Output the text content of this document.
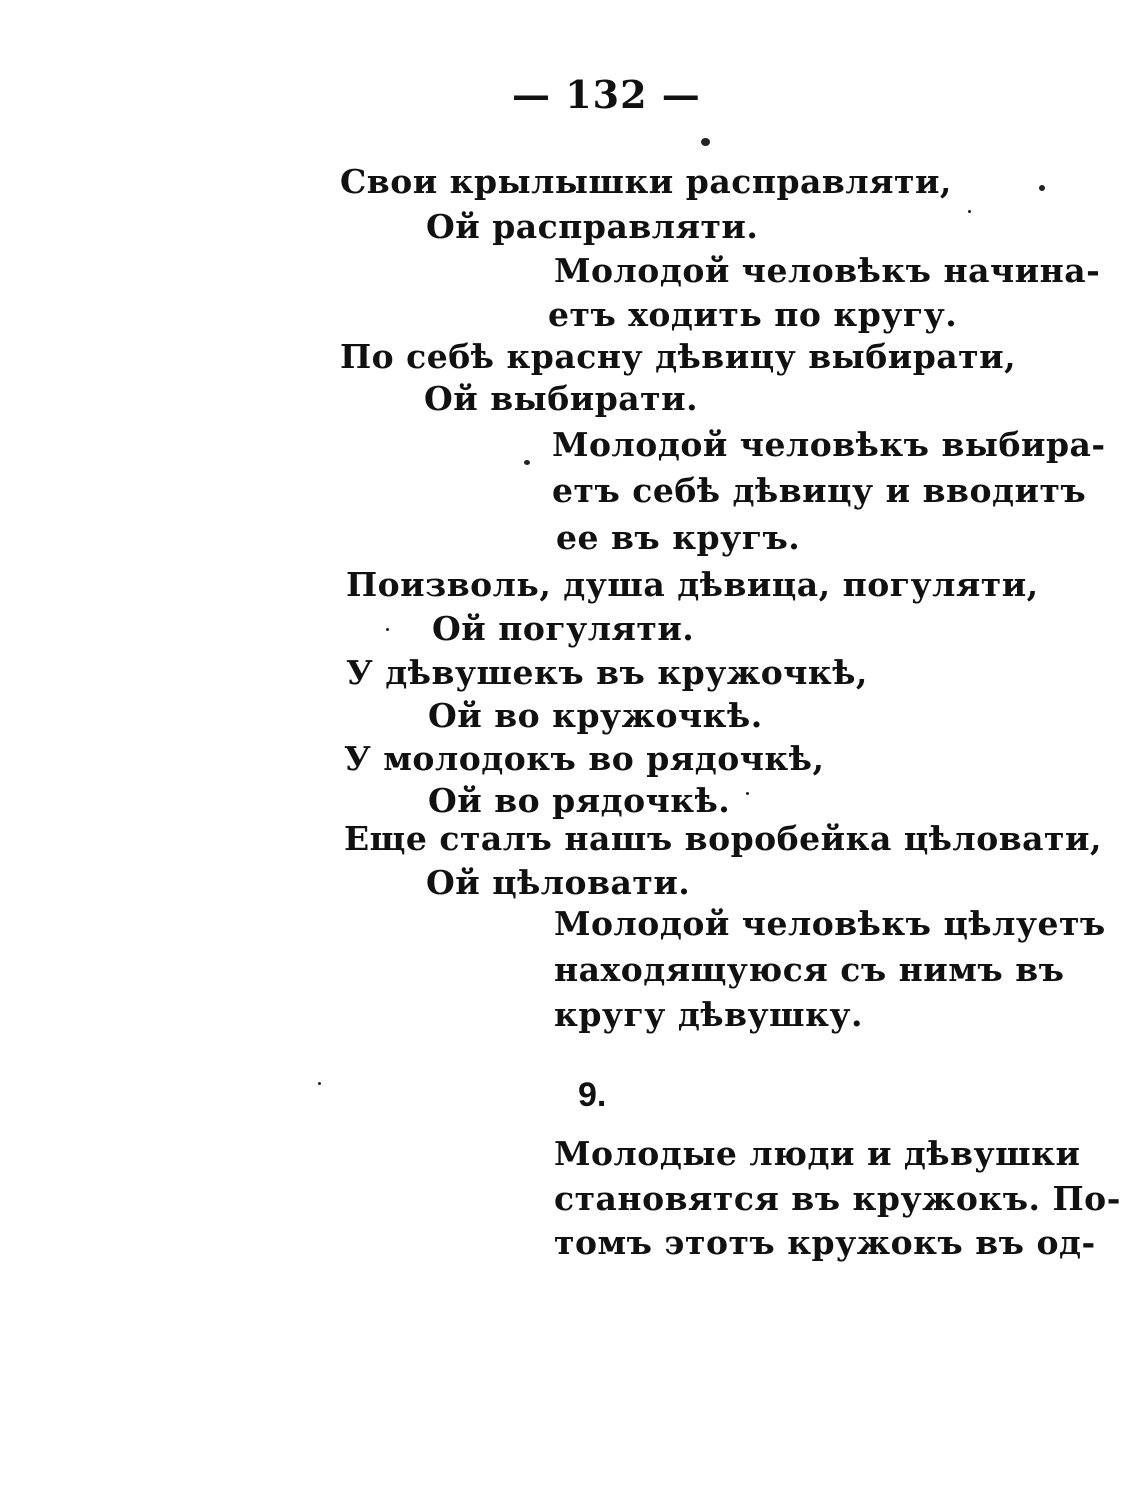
— 132 —
Свои крылышки расправляти,
Ой расправляти.
Молодой человѣкъ начина-
етъ ходить по кругу.
По себѣ красну дѣвицу выбирати,
Ой выбирати.
Молодой человѣкъ выбира-
етъ себѣ дѣвицу и вводитъ
ее въ кругъ.
Поизволь, душа дѣвица, погуляти,
Ой погуляти.
У дѣвушекъ въ кружочкѣ,
Ой во кружочкѣ.
У молодокъ во рядочкѣ,
Ой во рядочкѣ.
Еще сталъ нашъ воробейка цѣловати,
Ой цѣловати.
Молодой человѣкъ цѣлуетъ
находящуюся съ нимъ въ
кругу дѣвушку.
9.
Молодые люди и дѣвушки
становятся въ кружокъ. По-
томъ этотъ кружокъ въ од-
